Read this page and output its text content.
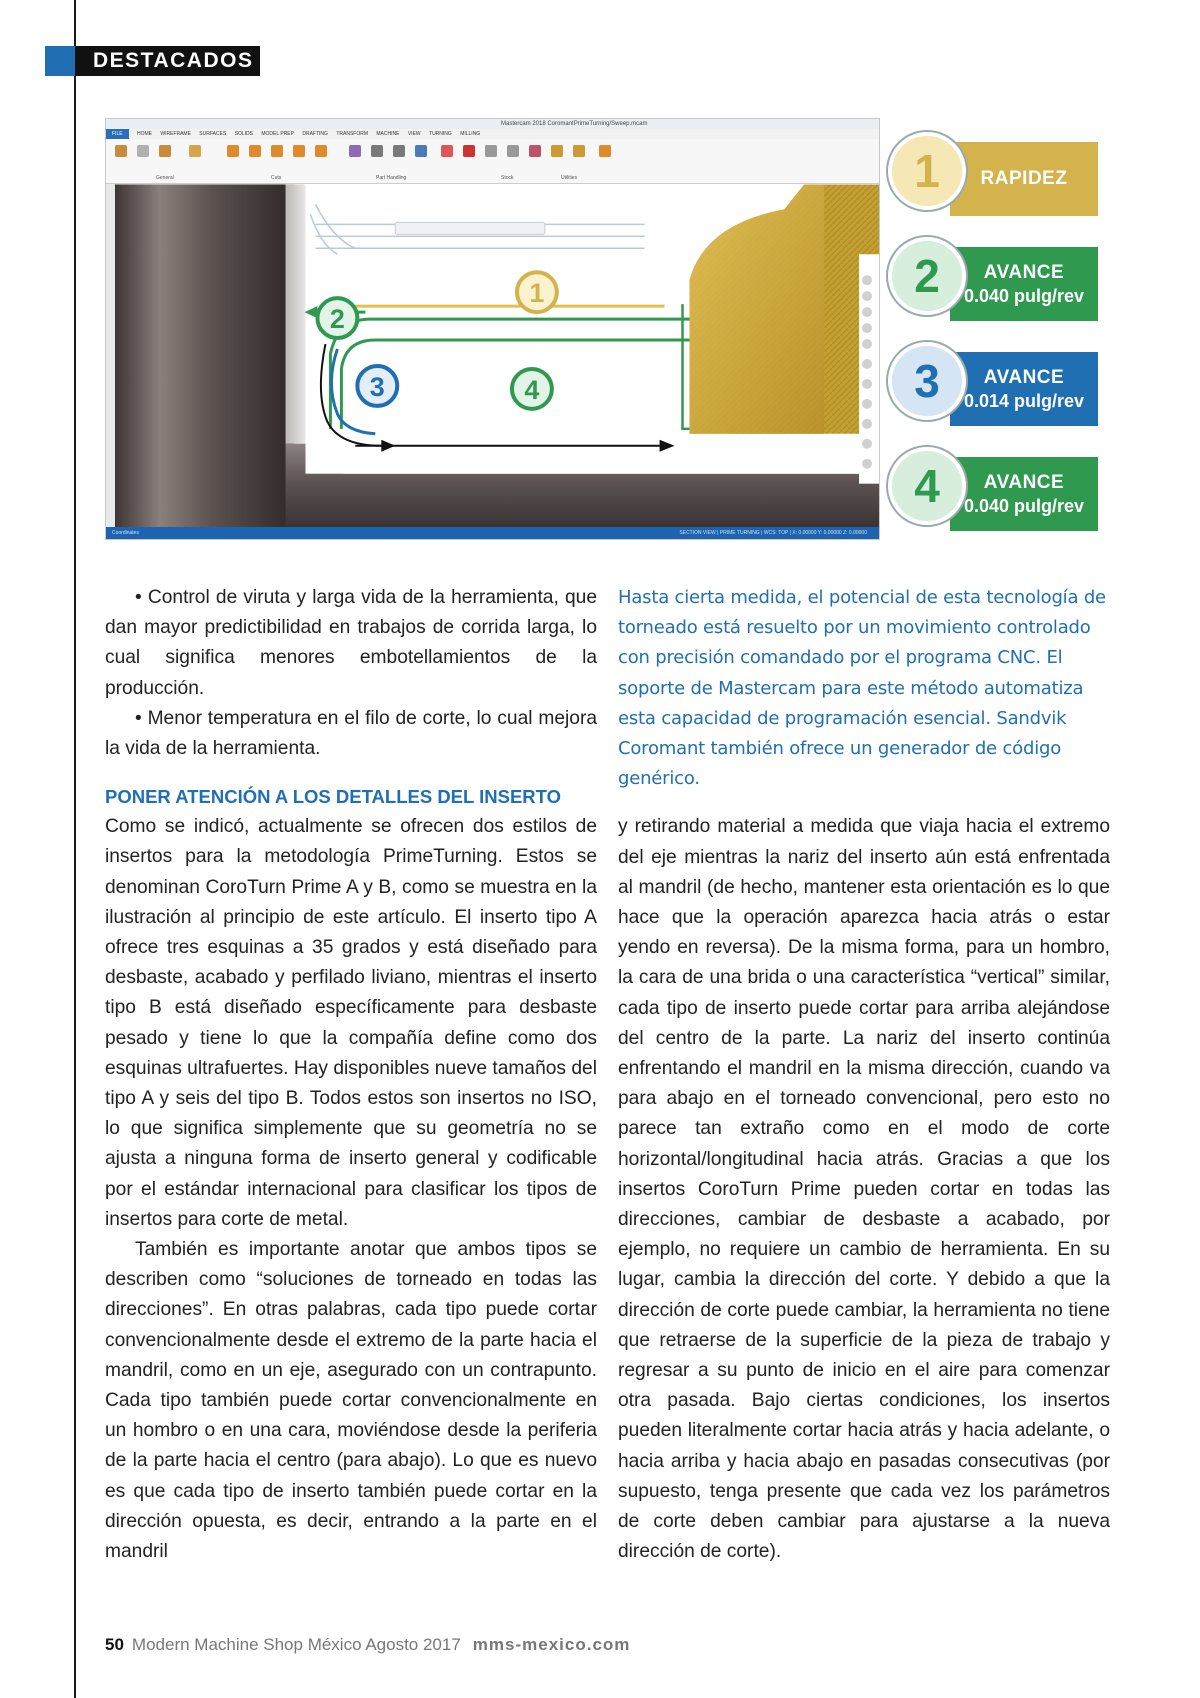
DESTACADOS
Mastercam 2018 CoromantPrimeTurning/Sweep.mcam
FILE	HOME WIREFRAME SURFACES SOLIDS MODEL PREP DRAFTING TRANSFORM MACHINE VIEW TURNING MILLING
General	Cuts	Part Handling	Stock	Utilities
1
2
3	4
Coordinates	SECTION VIEW | PRIME TURNING | WCS: TOP | X: 0.00000 Y: 0.00000 Z: 0.00000
RAPIDEZ
1
AVANCE
0.040 pulg/rev
2
AVANCE
0.014 pulg/rev
3
AVANCE
0.040 pulg/rev
4

• Control de viruta y larga vida de la herramienta, que dan mayor predictibilidad en trabajos de corrida larga, lo cual significa menores embotellamientos de la producción.

• Menor temperatura en el filo de corte, lo cual mejora la vida de la herramienta.

PONER ATENCIÓN A LOS DETALLES DEL INSERTO

Como se indicó, actualmente se ofrecen dos estilos de insertos para la metodología PrimeTurning. Estos se denominan CoroTurn Prime A y B, como se muestra en la ilustración al principio de este artículo. El inserto tipo A ofrece tres esquinas a 35 grados y está diseñado para desbaste, acabado y perfilado liviano, mientras el inserto tipo B está diseñado específicamente para desbaste pesado y tiene lo que la compañía define como dos esquinas ultrafuertes. Hay disponibles nueve tamaños del tipo A y seis del tipo B. Todos estos son insertos no ISO, lo que significa simplemente que su geometría no se ajusta a ninguna forma de inserto general y codificable por el estándar internacional para clasificar los tipos de insertos para corte de metal.

También es importante anotar que ambos tipos se describen como “soluciones de torneado en todas las direcciones”. En otras palabras, cada tipo puede cortar convencionalmente desde el extremo de la parte hacia el mandril, como en un eje, asegurado con un contrapunto. Cada tipo también puede cortar convencionalmente en un hombro o en una cara, moviéndose desde la periferia de la parte hacia el centro (para abajo). Lo que es nuevo es que cada tipo de inserto también puede cortar en la dirección opuesta, es decir, entrando a la parte en el mandril

Hasta cierta medida, el potencial de esta tecnología de torneado está resuelto por un movimiento controlado con precisión comandado por el programa CNC. El soporte de Mastercam para este método automatiza esta capacidad de programación esencial. Sandvik Coromant también ofrece un generador de código genérico.

y retirando material a medida que viaja hacia el extremo del eje mientras la nariz del inserto aún está enfrentada al mandril (de hecho, mantener esta orientación es lo que hace que la operación aparezca hacia atrás o estar yendo en reversa). De la misma forma, para un hombro, la cara de una brida o una característica “vertical” similar, cada tipo de inserto puede cortar para arriba alejándose del centro de la parte. La nariz del inserto continúa enfrentando el mandril en la misma dirección, cuando va para abajo en el torneado convencional, pero esto no parece tan extraño como en el modo de corte horizontal/longitudinal hacia atrás. Gracias a que los insertos CoroTurn Prime pueden cortar en todas las direcciones, cambiar de desbaste a acabado, por ejemplo, no requiere un cambio de herramienta. En su lugar, cambia la dirección del corte. Y debido a que la dirección de corte puede cambiar, la herramienta no tiene que retraerse de la superficie de la pieza de trabajo y regresar a su punto de inicio en el aire para comenzar otra pasada. Bajo ciertas condiciones, los insertos pueden literalmente cortar hacia atrás y hacia adelante, o hacia arriba y hacia abajo en pasadas consecutivas (por supuesto, tenga presente que cada vez los parámetros de corte deben cambiar para ajustarse a la nueva dirección de corte).

50 Modern Machine Shop México Agosto 2017 mms-mexico.com
